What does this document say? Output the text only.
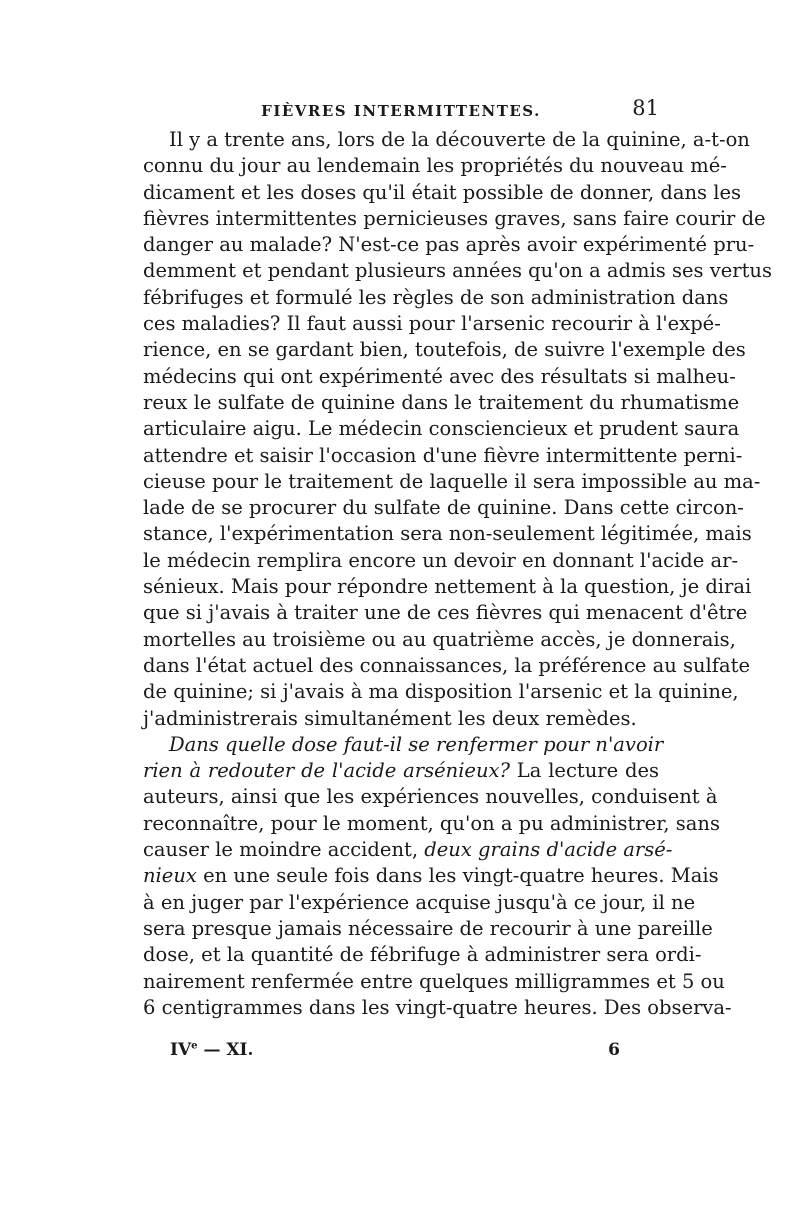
FIÈVRES INTERMITTENTES.	81
Il y a trente ans, lors de la découverte de la quinine, a-t-on
connu du jour au lendemain les propriétés du nouveau mé-
dicament et les doses qu'il était possible de donner, dans les
fièvres intermittentes pernicieuses graves, sans faire courir de
danger au malade? N'est-ce pas après avoir expérimenté pru-
demment et pendant plusieurs années qu'on a admis ses vertus
fébrifuges et formulé les règles de son administration dans
ces maladies? Il faut aussi pour l'arsenic recourir à l'expé-
rience, en se gardant bien, toutefois, de suivre l'exemple des
médecins qui ont expérimenté avec des résultats si malheu-
reux le sulfate de quinine dans le traitement du rhumatisme
articulaire aigu. Le médecin consciencieux et prudent saura
attendre et saisir l'occasion d'une fièvre intermittente perni-
cieuse pour le traitement de laquelle il sera impossible au ma-
lade de se procurer du sulfate de quinine. Dans cette circon-
stance, l'expérimentation sera non-seulement légitimée, mais
le médecin remplira encore un devoir en donnant l'acide ar-
sénieux. Mais pour répondre nettement à la question, je dirai
que si j'avais à traiter une de ces fièvres qui menacent d'être
mortelles au troisième ou au quatrième accès, je donnerais,
dans l'état actuel des connaissances, la préférence au sulfate
de quinine; si j'avais à ma disposition l'arsenic et la quinine,
j'administrerais simultanément les deux remèdes.
Dans quelle dose faut-il se renfermer pour n'avoir
rien à redouter de l'acide arsénieux? La lecture des
auteurs, ainsi que les expériences nouvelles, conduisent à
reconnaître, pour le moment, qu'on a pu administrer, sans
causer le moindre accident, deux grains d'acide arsé-
nieux en une seule fois dans les vingt-quatre heures. Mais
à en juger par l'expérience acquise jusqu'à ce jour, il ne
sera presque jamais nécessaire de recourir à une pareille
dose, et la quantité de fébrifuge à administrer sera ordi-
nairement renfermée entre quelques milligrammes et 5 ou
6 centigrammes dans les vingt-quatre heures. Des observa-
IVe — XI.	6
